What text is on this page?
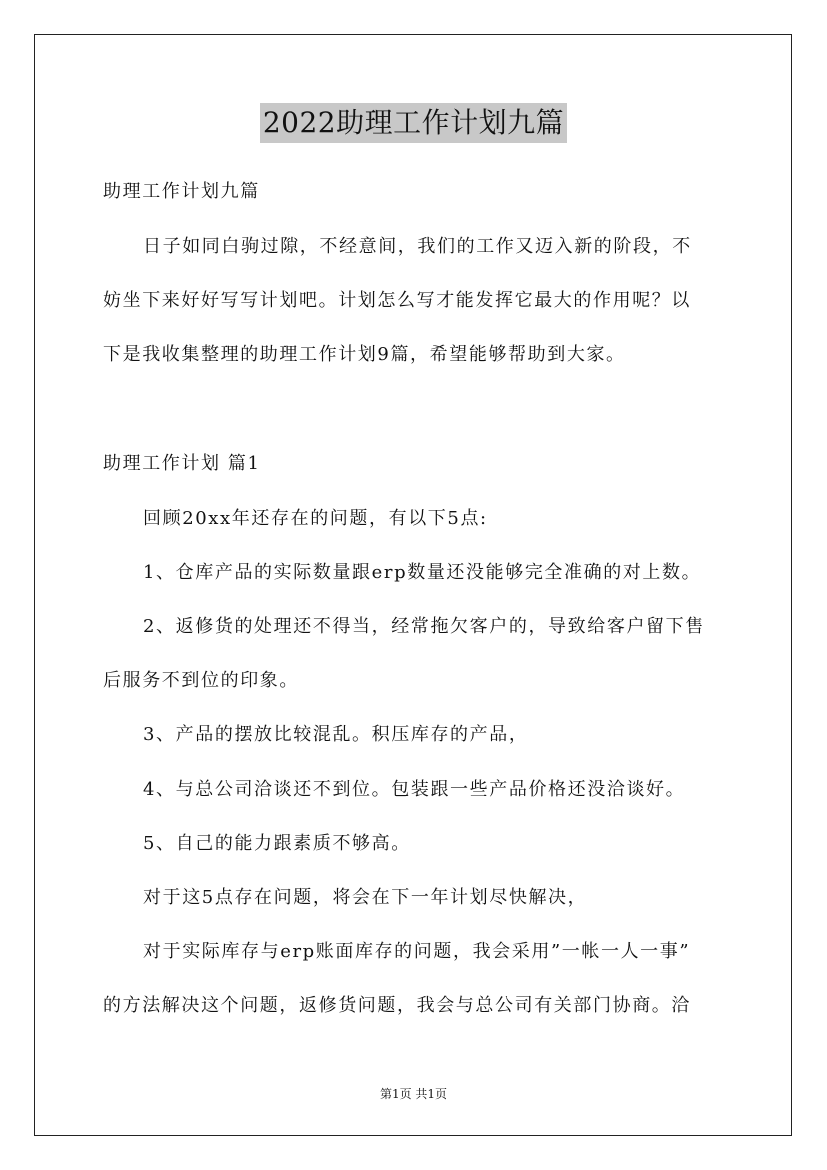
2022助理工作计划九篇
助理工作计划九篇
日子如同白驹过隙，不经意间，我们的工作又迈入新的阶段，不
妨坐下来好好写写计划吧。计划怎么写才能发挥它最大的作用呢？以
下是我收集整理的助理工作计划9篇，希望能够帮助到大家。
助理工作计划 篇1
回顾20xx年还存在的问题，有以下5点:
1、仓库产品的实际数量跟erp数量还没能够完全准确的对上数。
2、返修货的处理还不得当，经常拖欠客户的，导致给客户留下售
后服务不到位的印象。
3、产品的摆放比较混乱。积压库存的产品，
4、与总公司洽谈还不到位。包装跟一些产品价格还没洽谈好。
5、自己的能力跟素质不够高。
对于这5点存在问题，将会在下一年计划尽快解决，
对于实际库存与erp账面库存的问题，我会采用”一帐一人一事”
的方法解决这个问题，返修货问题，我会与总公司有关部门协商。洽
第1页 共1页
